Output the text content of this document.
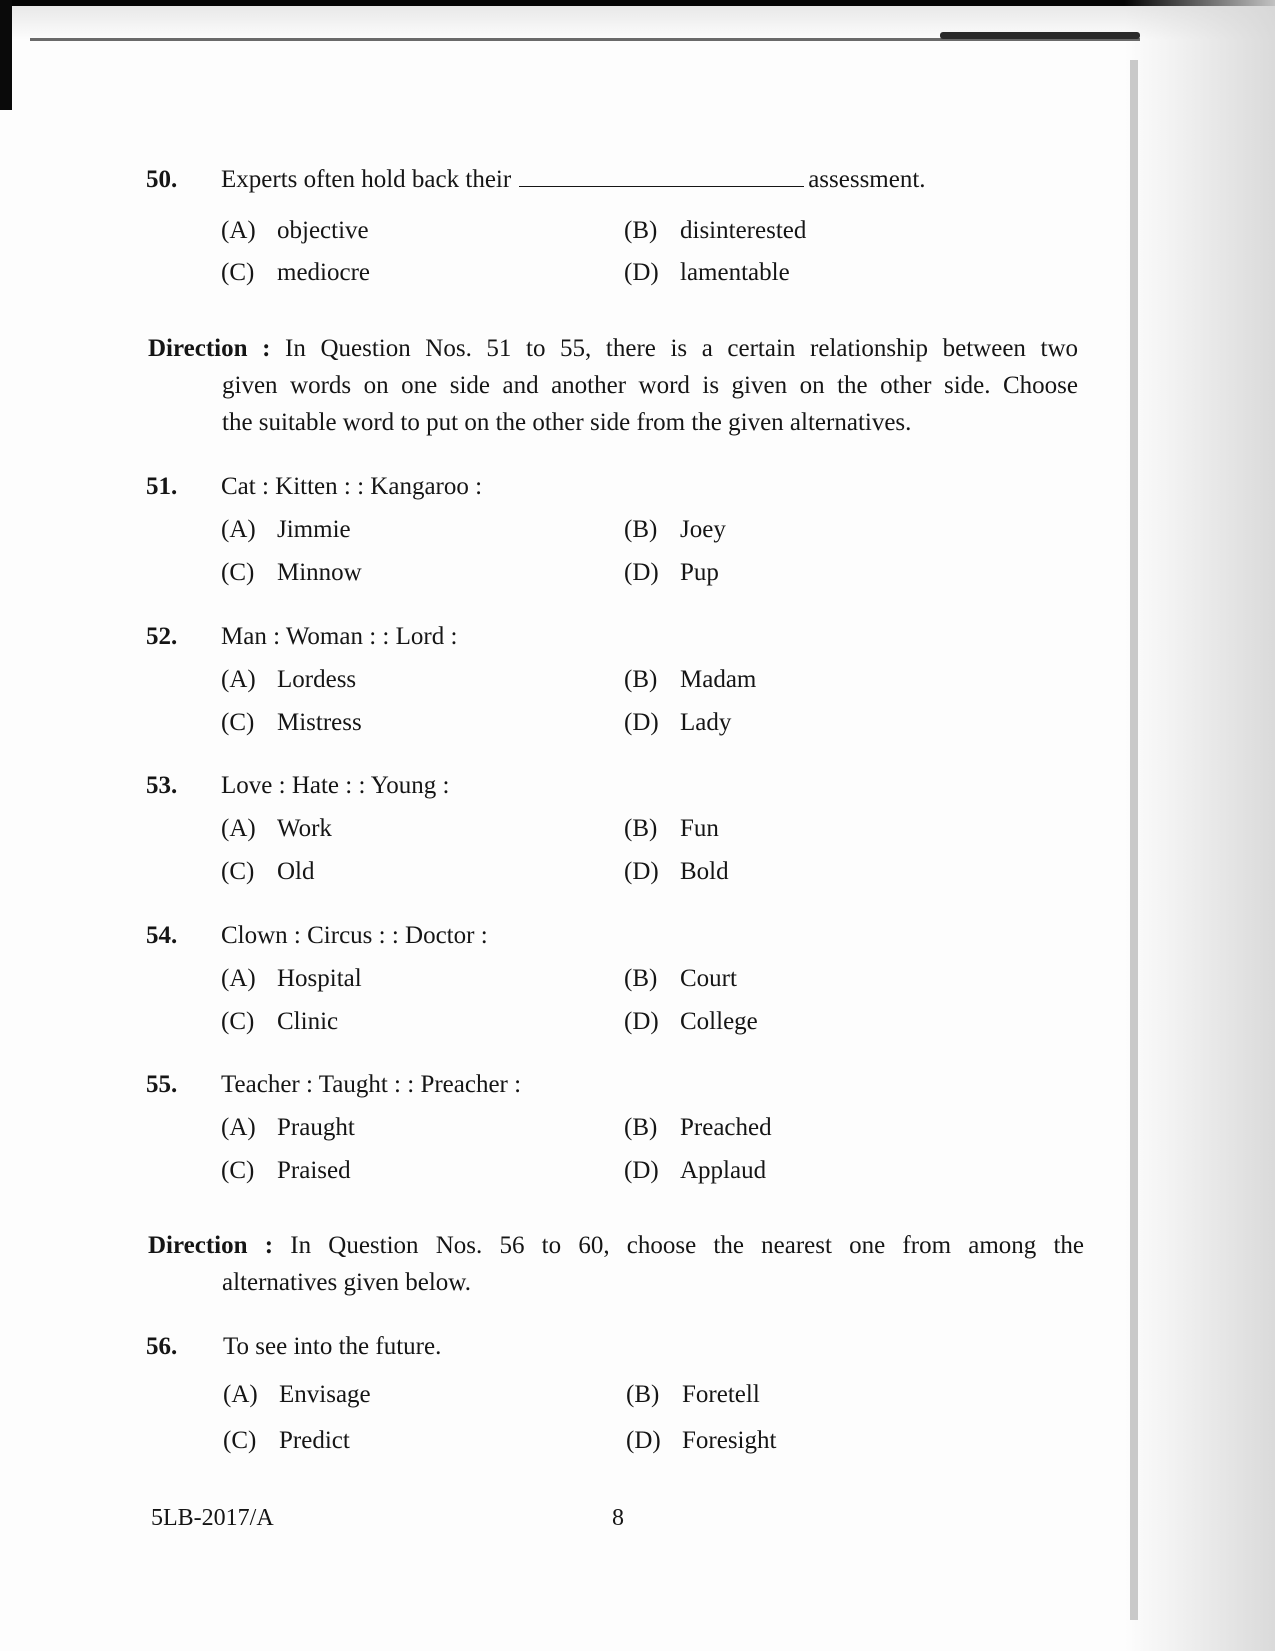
50. Experts often hold back their	assessment.
(A) objective	(B) disinterested
(C) mediocre	(D) lamentable
Direction : In Question Nos. 51 to 55, there is a certain relationship between two
given words on one side and another word is given on the other side. Choose
the suitable word to put on the other side from the given alternatives.
51. Cat : Kitten : : Kangaroo :
(A) Jimmie	(B) Joey
(C) Minnow	(D) Pup
52. Man : Woman : : Lord :
(A) Lordess	(B) Madam
(C) Mistress	(D) Lady
53. Love : Hate : : Young :
(A) Work	(B) Fun
(C) Old	(D) Bold
54. Clown : Circus : : Doctor :
(A) Hospital	(B) Court
(C) Clinic	(D) College
55. Teacher : Taught : : Preacher :
(A) Praught	(B) Preached
(C) Praised	(D) Applaud
Direction : In Question Nos. 56 to 60, choose the nearest one from among the
alternatives given below.
56. To see into the future.
(A) Envisage	(B) Foretell
(C) Predict	(D) Foresight
5LB-2017/A	8
